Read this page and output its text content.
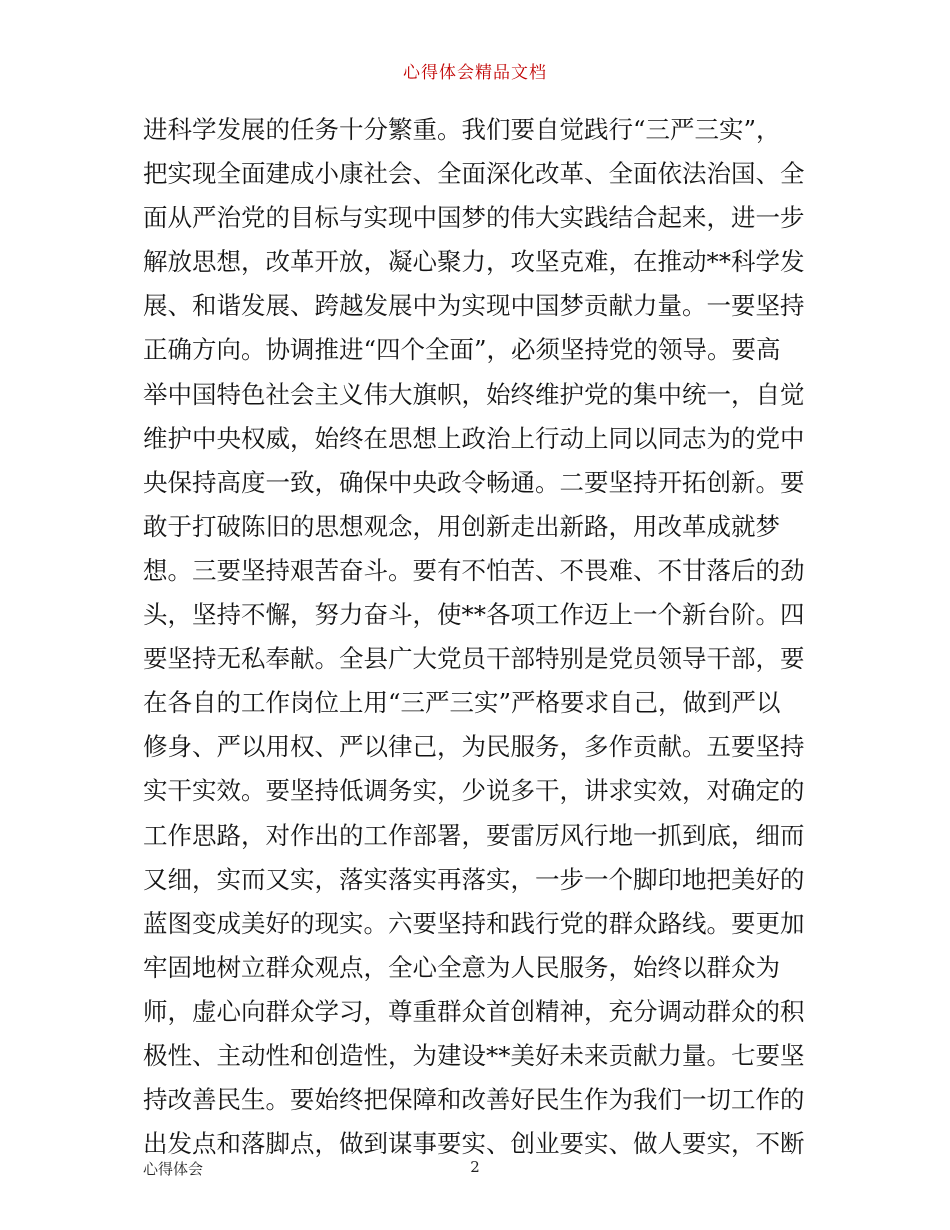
心得体会精品文档
进科学发展的任务十分繁重。我们要自觉践行“三严三实”，
把实现全面建成小康社会、全面深化改革、全面依法治国、全
面从严治党的目标与实现中国梦的伟大实践结合起来，进一步
解放思想，改革开放，凝心聚力，攻坚克难，在推动**科学发
展、和谐发展、跨越发展中为实现中国梦贡献力量。一要坚持
正确方向。协调推进“四个全面”，必须坚持党的领导。要高
举中国特色社会主义伟大旗帜，始终维护党的集中统一，自觉
维护中央权威，始终在思想上政治上行动上同以同志为的党中
央保持高度一致，确保中央政令畅通。二要坚持开拓创新。要
敢于打破陈旧的思想观念，用创新走出新路，用改革成就梦
想。三要坚持艰苦奋斗。要有不怕苦、不畏难、不甘落后的劲
头，坚持不懈，努力奋斗，使**各项工作迈上一个新台阶。四
要坚持无私奉献。全县广大党员干部特别是党员领导干部，要
在各自的工作岗位上用“三严三实”严格要求自己，做到严以
修身、严以用权、严以律己，为民服务，多作贡献。五要坚持
实干实效。要坚持低调务实，少说多干，讲求实效，对确定的
工作思路，对作出的工作部署，要雷厉风行地一抓到底，细而
又细，实而又实，落实落实再落实，一步一个脚印地把美好的
蓝图变成美好的现实。六要坚持和践行党的群众路线。要更加
牢固地树立群众观点，全心全意为人民服务，始终以群众为
师，虚心向群众学习，尊重群众首创精神，充分调动群众的积
极性、主动性和创造性，为建设**美好未来贡献力量。七要坚
持改善民生。要始终把保障和改善好民生作为我们一切工作的
出发点和落脚点，做到谋事要实、创业要实、做人要实，不断
心得体会	2
